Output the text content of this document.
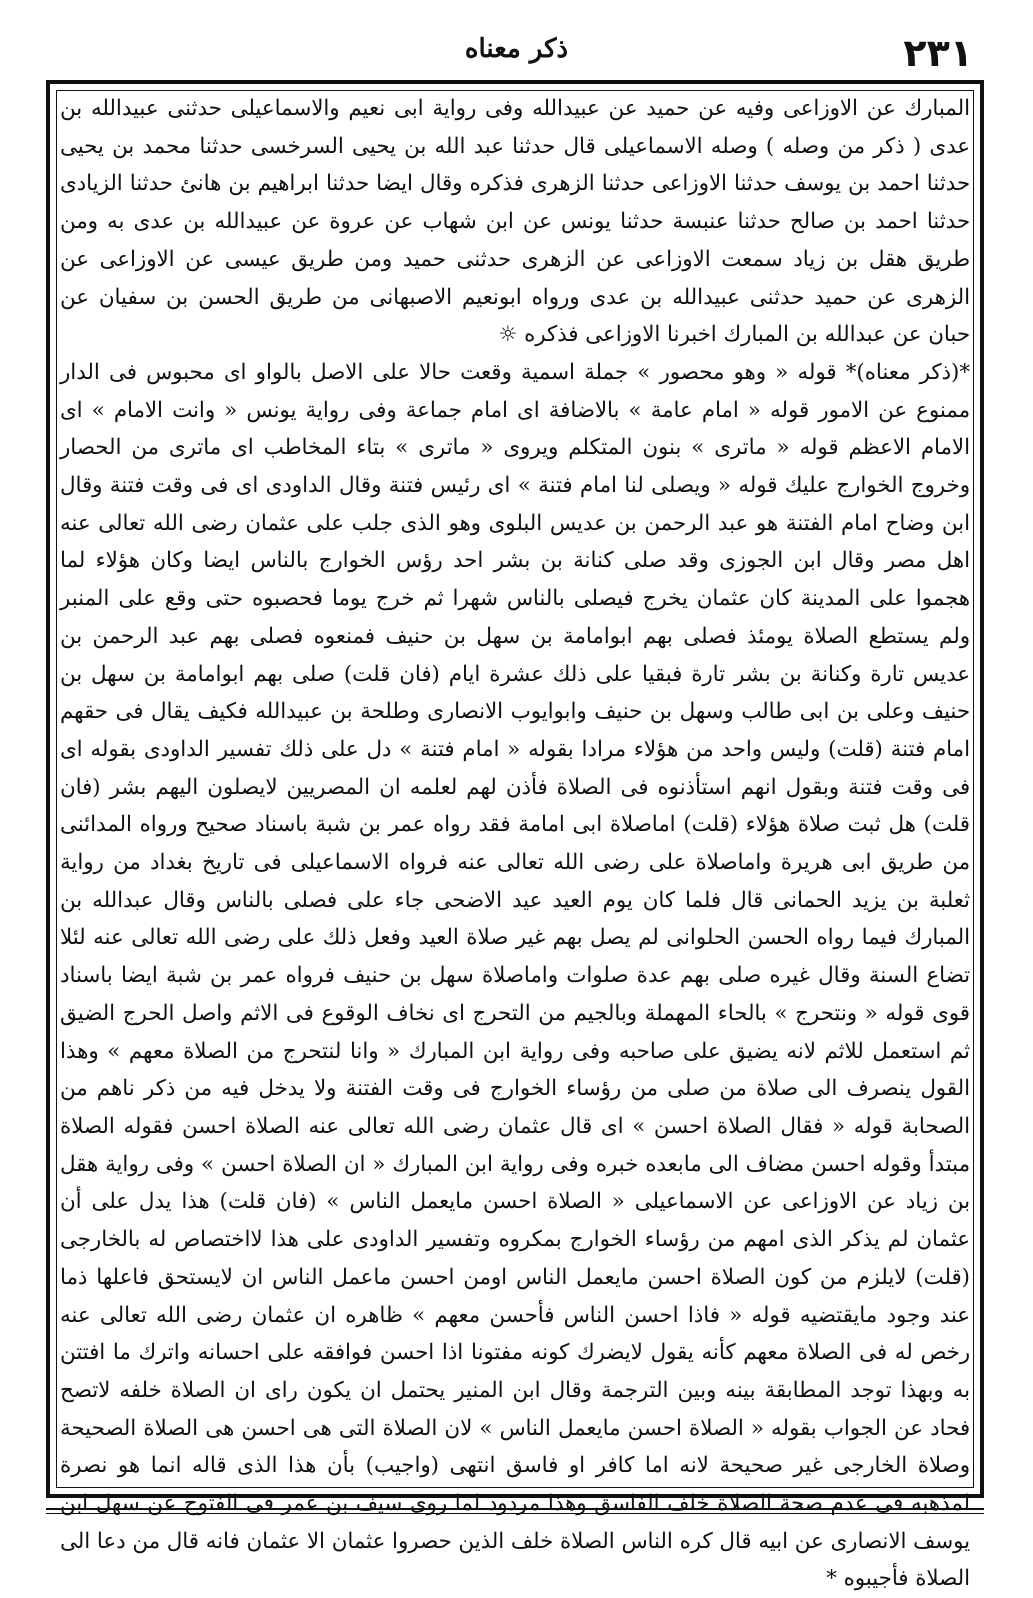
٢٣١
ذكر معناه

المبارك عن الاوزاعى وفيه عن حميد عن عبيدالله وفى رواية ابى نعيم والاسماعيلى حدثنى عبيدالله بن عدى ( ذكر من وصله ) وصله الاسماعيلى قال حدثنا عبد الله بن يحيى السرخسى حدثنا محمد بن يحيى حدثنا احمد بن يوسف حدثنا الاوزاعى حدثنا الزهرى فذكره وقال ايضا حدثنا ابراهيم بن هانئ حدثنا الزيادى حدثنا احمد بن صالح حدثنا عنبسة حدثنا يونس عن ابن شهاب عن عروة عن عبيدالله بن عدى به ومن طريق هقل بن زياد سمعت الاوزاعى عن الزهرى حدثنى حميد ومن طريق عيسى عن الاوزاعى عن الزهرى عن حميد حدثنى عبيدالله بن عدى ورواه ابونعيم الاصبهانى من طريق الحسن بن سفيان عن حبان عن عبدالله بن المبارك اخبرنا الاوزاعى فذكره ☼

*(ذكر معناه)* قوله « وهو محصور » جملة اسمية وقعت حالا على الاصل بالواو اى محبوس فى الدار ممنوع عن الامور قوله « امام عامة » بالاضافة اى امام جماعة وفى رواية يونس « وانت الامام » اى الامام الاعظم قوله « ماترى » بنون المتكلم ويروى « ماترى » بتاء المخاطب اى ماترى من الحصار وخروج الخوارج عليك قوله « ويصلى لنا امام فتنة » اى رئيس فتنة وقال الداودى اى فى وقت فتنة وقال ابن وضاح امام الفتنة هو عبد الرحمن بن عديس البلوى وهو الذى جلب على عثمان رضى الله تعالى عنه اهل مصر وقال ابن الجوزى وقد صلى كنانة بن بشر احد رؤس الخوارج بالناس ايضا وكان هؤلاء لما هجموا على المدينة كان عثمان يخرج فيصلى بالناس شهرا ثم خرج يوما فحصبوه حتى وقع على المنبر ولم يستطع الصلاة يومئذ فصلى بهم ابوامامة بن سهل بن حنيف فمنعوه فصلى بهم عبد الرحمن بن عديس تارة وكنانة بن بشر تارة فبقيا على ذلك عشرة ايام (فان قلت) صلى بهم ابوامامة بن سهل بن حنيف وعلى بن ابى طالب وسهل بن حنيف وابوايوب الانصارى وطلحة بن عبيدالله فكيف يقال فى حقهم امام فتنة (قلت) وليس واحد من هؤلاء مرادا بقوله « امام فتنة » دل على ذلك تفسير الداودى بقوله اى فى وقت فتنة وبقول انهم استأذنوه فى الصلاة فأذن لهم لعلمه ان المصريين لايصلون اليهم بشر (فان قلت) هل ثبت صلاة هؤلاء (قلت) اماصلاة ابى امامة فقد رواه عمر بن شبة باسناد صحيح ورواه المدائنى من طريق ابى هريرة واماصلاة على رضى الله تعالى عنه فرواه الاسماعيلى فى تاريخ بغداد من رواية ثعلبة بن يزيد الحمانى قال فلما كان يوم العيد عيد الاضحى جاء على فصلى بالناس وقال عبدالله بن المبارك فيما رواه الحسن الحلوانى لم يصل بهم غير صلاة العيد وفعل ذلك على رضى الله تعالى عنه لئلا تضاع السنة وقال غيره صلى بهم عدة صلوات واماصلاة سهل بن حنيف فرواه عمر بن شبة ايضا باسناد قوى قوله « ونتحرج » بالحاء المهملة وبالجيم من التحرج اى نخاف الوقوع فى الاثم واصل الحرج الضيق ثم استعمل للاثم لانه يضيق على صاحبه وفى رواية ابن المبارك « وانا لنتحرج من الصلاة معهم » وهذا القول ينصرف الى صلاة من صلى من رؤساء الخوارج فى وقت الفتنة ولا يدخل فيه من ذكر ناهم من الصحابة قوله « فقال الصلاة احسن » اى قال عثمان رضى الله تعالى عنه الصلاة احسن فقوله الصلاة مبتدأ وقوله احسن مضاف الى مابعده خبره وفى رواية ابن المبارك « ان الصلاة احسن » وفى رواية هقل بن زياد عن الاوزاعى عن الاسماعيلى « الصلاة احسن مايعمل الناس » (فان قلت) هذا يدل على أن عثمان لم يذكر الذى امهم من رؤساء الخوارج بمكروه وتفسير الداودى على هذا لااختصاص له بالخارجى (قلت) لايلزم من كون الصلاة احسن مايعمل الناس اومن احسن ماعمل الناس ان لايستحق فاعلها ذما عند وجود مايقتضيه قوله « فاذا احسن الناس فأحسن معهم » ظاهره ان عثمان رضى الله تعالى عنه رخص له فى الصلاة معهم كأنه يقول لايضرك كونه مفتونا اذا احسن فوافقه على احسانه واترك ما افتتن به وبهذا توجد المطابقة بينه وبين الترجمة وقال ابن المنير يحتمل ان يكون راى ان الصلاة خلفه لاتصح فحاد عن الجواب بقوله « الصلاة احسن مايعمل الناس » لان الصلاة التى هى احسن هى الصلاة الصحيحة وصلاة الخارجى غير صحيحة لانه اما كافر او فاسق انتهى (واجيب) بأن هذا الذى قاله انما هو نصرة لمذهبه فى عدم صحة الصلاة خلف الفاسق وهذا مردود لما روى سيف بن عمر فى الفتوح عن سهل ابن يوسف الانصارى عن ابيه قال كره الناس الصلاة خلف الذين حصروا عثمان الا عثمان فانه قال من دعا الى الصلاة فأجيبوه *
